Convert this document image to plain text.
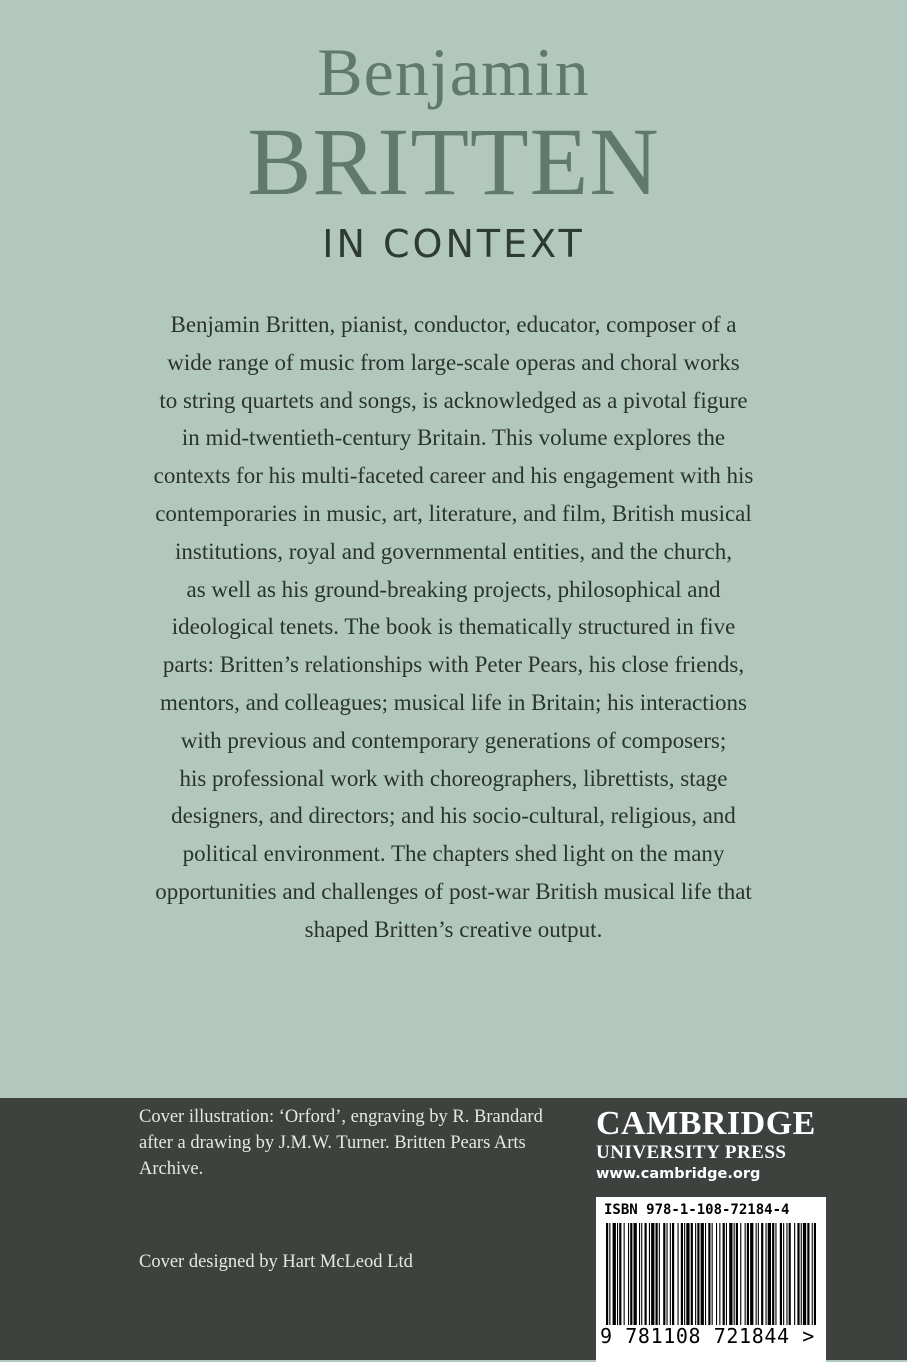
Benjamin
BRITTEN
IN CONTEXT
Benjamin Britten, pianist, conductor, educator, composer of a
wide range of music from large-scale operas and choral works
to string quartets and songs, is acknowledged as a pivotal figure
in mid-twentieth-century Britain. This volume explores the
contexts for his multi-faceted career and his engagement with his
contemporaries in music, art, literature, and film, British musical
institutions, royal and governmental entities, and the church,
as well as his ground-breaking projects, philosophical and
ideological tenets. The book is thematically structured in five
parts: Britten’s relationships with Peter Pears, his close friends,
mentors, and colleagues; musical life in Britain; his interactions
with previous and contemporary generations of composers;
his professional work with choreographers, librettists, stage
designers, and directors; and his socio-cultural, religious, and
political environment. The chapters shed light on the many
opportunities and challenges of post-war British musical life that
shaped Britten’s creative output.
Cover illustration: ‘Orford’, engraving by R. Brandard
after a drawing by J.M.W. Turner. Britten Pears Arts
Archive.
Cover designed by Hart McLeod Ltd
CAMBRIDGE
UNIVERSITY PRESS
www.cambridge.org
ISBN 978-1-108-72184-4
9 781108 721844 >
